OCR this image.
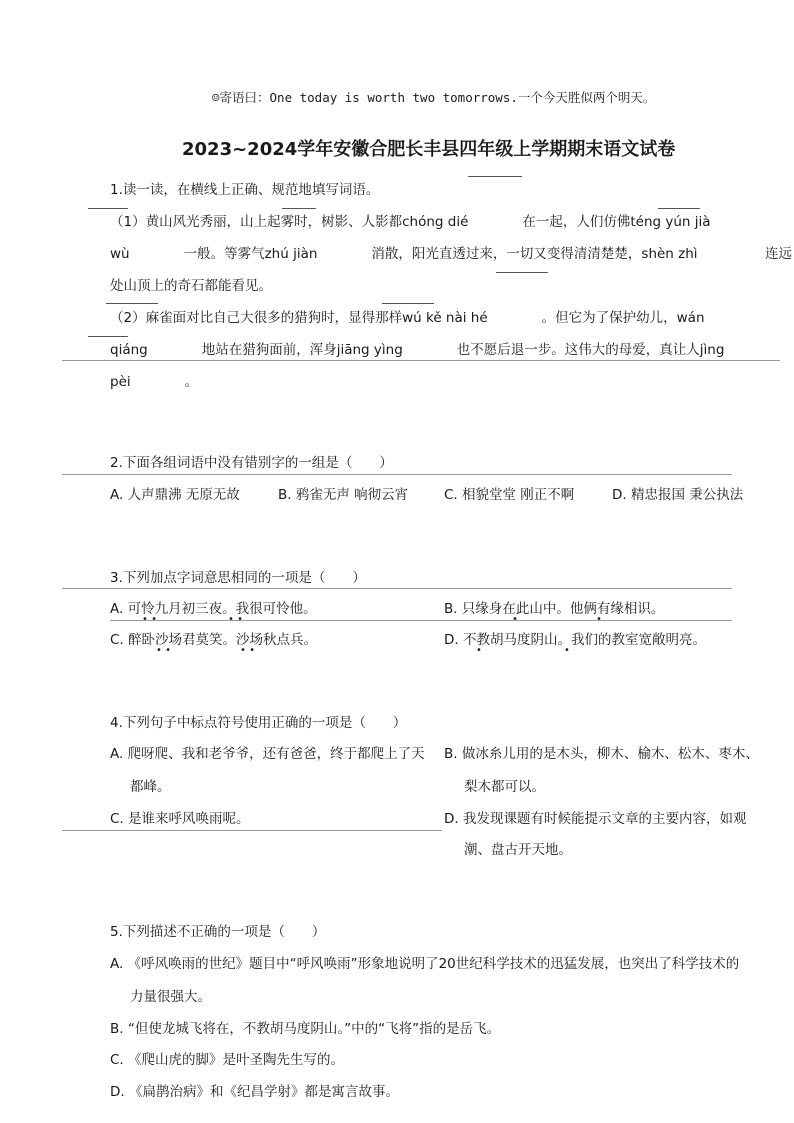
☺寄语曰：One today is worth two tomorrows.一个今天胜似两个明天。
2023~2024学年安徽合肥长丰县四年级上学期期末语文试卷
1.读一读，在横线上正确、规范地填写词语。
（1）黄山风光秀丽，山上起雾时，树影、人影都chóng dié　　　　在一起，人们仿佛téng yún jià
wù　　　　一般。等雾气zhú jiàn　　　　消散，阳光直透过来，一切又变得清清楚楚，shèn zhì　　　　　连远
处山顶上的奇石都能看见。
（2）麻雀面对比自己大很多的猎狗时，显得那样wú kě nài hé　　　　。但它为了保护幼儿，wán
qiáng　　　　地站在猎狗面前，浑身jiāng yìng　　　　也不愿后退一步。这伟大的母爱，真让人jìng
pèi　　　　。
2.下面各组词语中没有错别字的一组是（　　）
A. 人声鼎沸 无原无故	B. 鸦雀无声 响彻云宵	C. 相貌堂堂 刚正不啊	D. 精忠报国 秉公执法
3.下列加点字词意思相同的一项是（　　）
A. 可怜九月初三夜。我很可怜他。	B. 只缘身在此山中。他俩有缘相识。
• •	• •	•	•
C. 醉卧沙场君莫笑。沙场秋点兵。	D. 不教胡马度阴山。我们的教室宽敞明亮。
• •	• •	•	•
4.下列句子中标点符号使用正确的一项是（　　）
A. 爬呀爬、我和老爷爷，还有爸爸，终于都爬上了天
都峰。
B. 做冰糸儿用的是木头，柳木、榆木、松木、枣木、
梨木都可以。
C. 是谁来呼风唤雨呢。	D. 我发现课题有时候能提示文章的主要内容，如观
潮、盘古开天地。
5.下列描述不正确的一项是（　　）
A. 《呼风唤雨的世纪》题目中“呼风唤雨”形象地说明了20世纪科学技术的迅猛发展，也突出了科学技术的
力量很强大。
B. “但使龙城飞将在，不教胡马度阴山。”中的“飞将”指的是岳飞。
C. 《爬山虎的脚》是叶圣陶先生写的。
D. 《扁鹊治病》和《纪昌学射》都是寓言故事。
